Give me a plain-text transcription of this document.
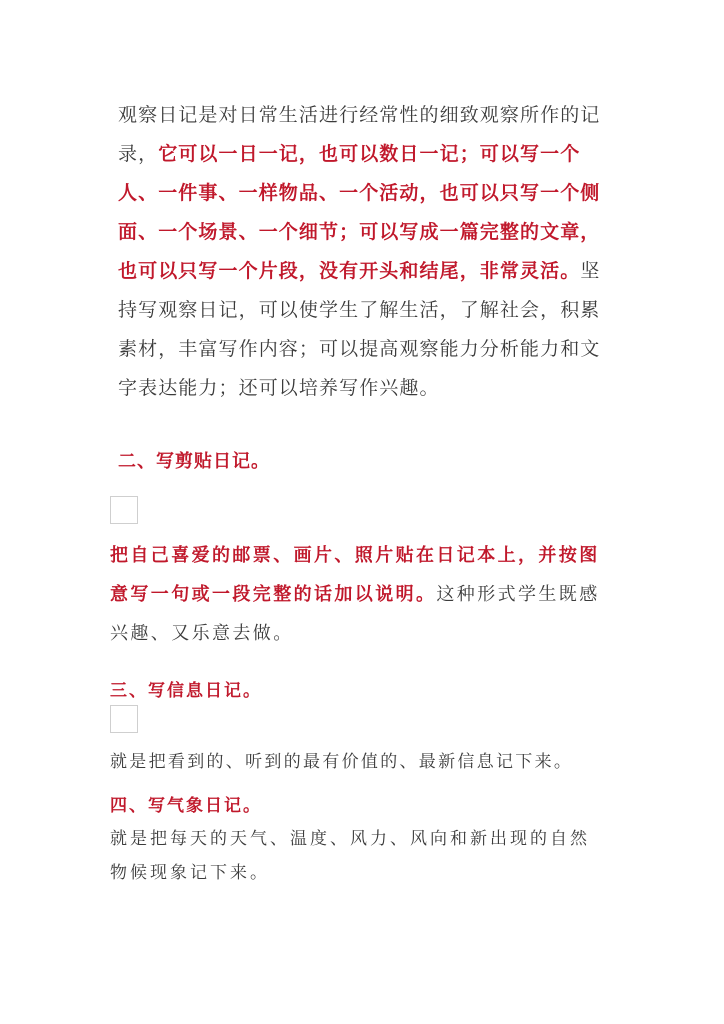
观察日记是对日常生活进行经常性的细致观察所作的记录，它可以一日一记，也可以数日一记；可以写一个人、一件事、一样物品、一个活动，也可以只写一个侧面、一个场景、一个细节；可以写成一篇完整的文章，也可以只写一个片段，没有开头和结尾，非常灵活。坚持写观察日记，可以使学生了解生活，了解社会，积累素材，丰富写作内容；可以提高观察能力分析能力和文字表达能力；还可以培养写作兴趣。

二、写剪贴日记。

把自己喜爱的邮票、画片、照片贴在日记本上，并按图意写一句或一段完整的话加以说明。这种形式学生既感兴趣、又乐意去做。

三、写信息日记。

就是把看到的、听到的最有价值的、最新信息记下来。

四、写气象日记。

就是把每天的天气、温度、风力、风向和新出现的自然物候现象记下来。
